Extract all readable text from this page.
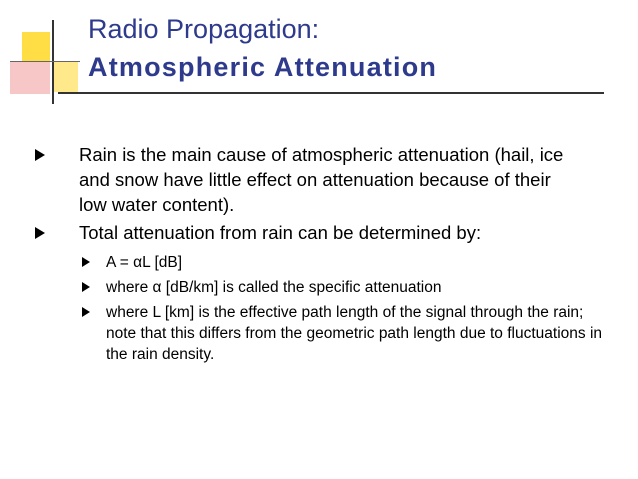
Radio Propagation:
Atmospheric Attenuation
Rain is the main cause of atmospheric attenuation (hail, ice and snow have little effect on attenuation because of their low water content).
Total attenuation from rain can be determined by:
A = αL [dB]
where α [dB/km] is called the specific attenuation
where L [km] is the effective path length of the signal through the rain; note that this differs from the geometric path length due to fluctuations in the rain density.
